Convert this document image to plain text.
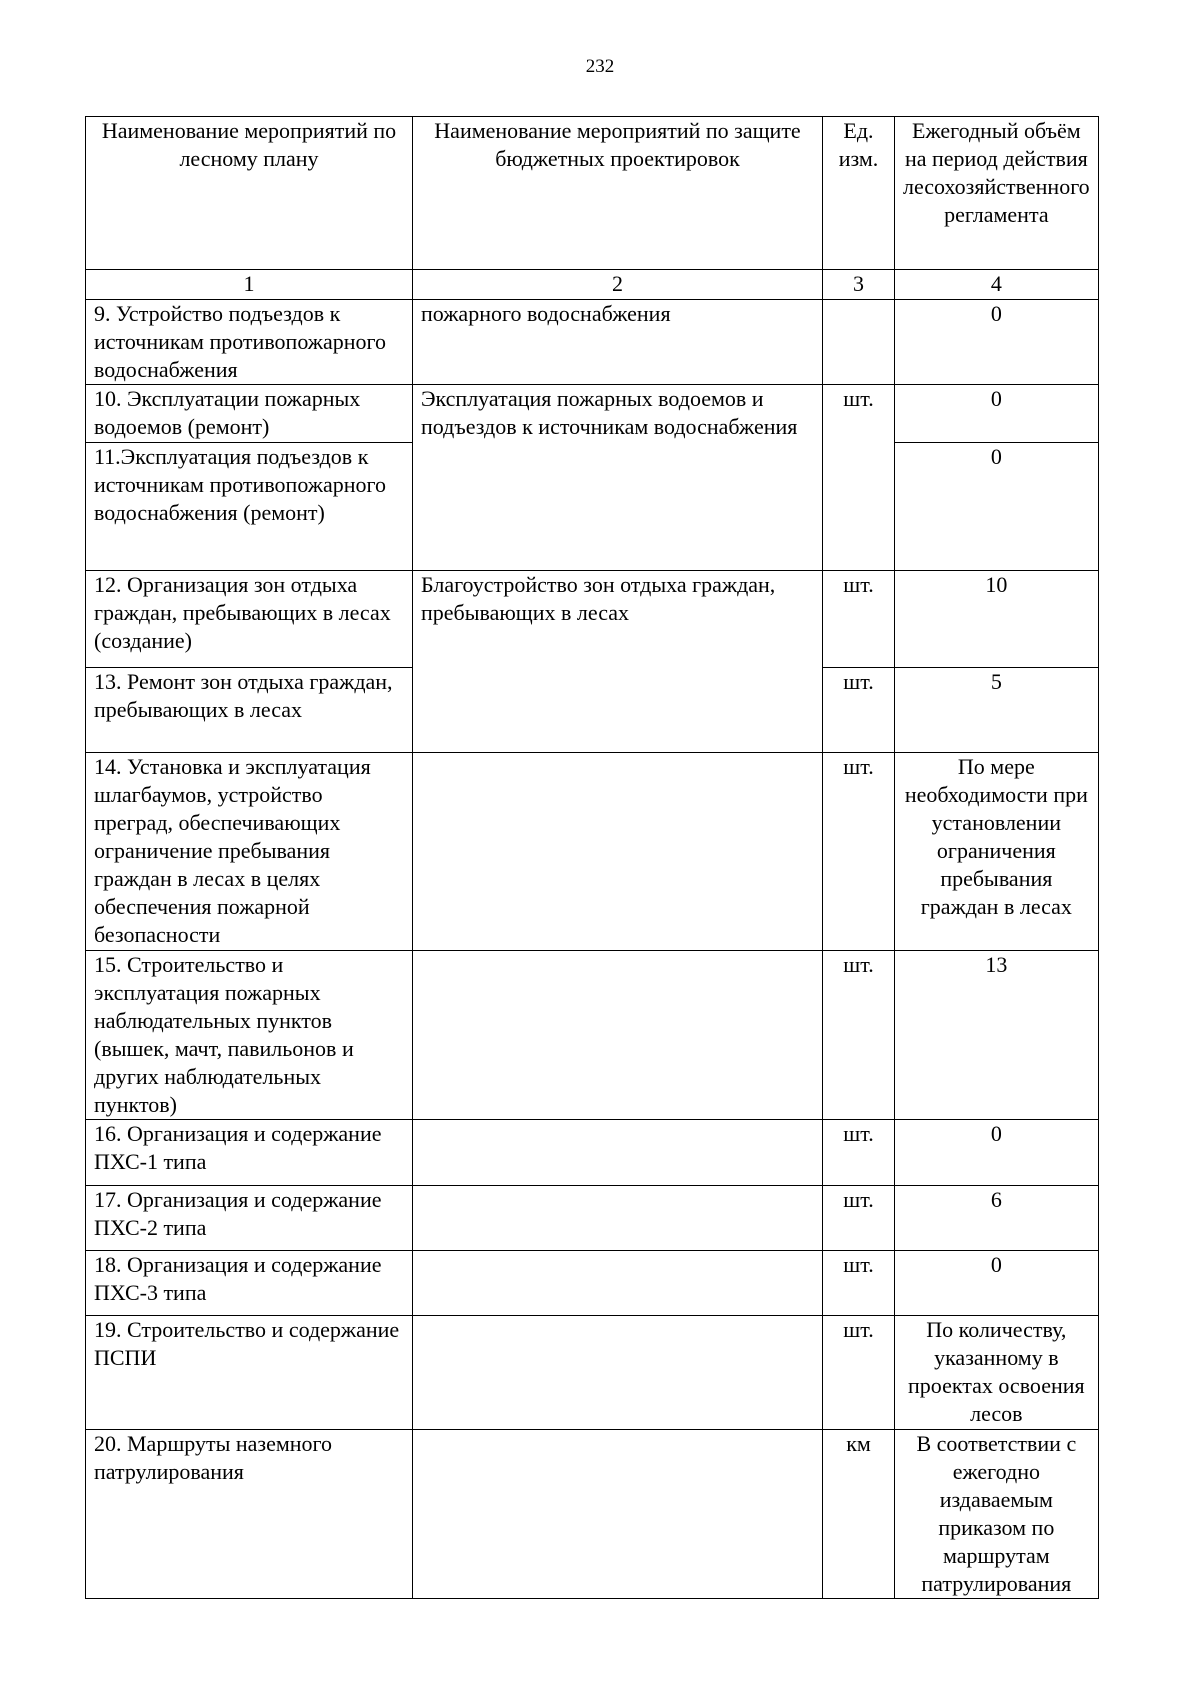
232
Наименование мероприятий по лесному плану	Наименование мероприятий по защите бюджетных проектировок	Ед. изм.	Ежегодный объём на период действия лесохозяйственного регламента
1	2	3	4
9. Устройство подъездов к источникам противопожарного водоснабжения	пожарного водоснабжения		0
10. Эксплуатации пожарных водоемов (ремонт)	Эксплуатация пожарных водоемов и подъездов к источникам водоснабжения	шт.	0
11.Эксплуатация подъездов к источникам противопожарного водоснабжения (ремонт)			0
12. Организация зон отдыха граждан, пребывающих в лесах (создание)	Благоустройство зон отдыха граждан, пребывающих в лесах	шт.	10
13. Ремонт зон отдыха граждан, пребывающих в лесах		шт.	5
14. Установка и эксплуатация шлагбаумов, устройство преград, обеспечивающих ограничение пребывания граждан в лесах в целях обеспечения пожарной безопасности		шт.	По мере необходимости при установлении ограничения пребывания граждан в лесах
15. Строительство и эксплуатация пожарных наблюдательных пунктов (вышек, мачт, павильонов и других наблюдательных пунктов)		шт.	13
16. Организация и содержание ПХС-1 типа		шт.	0
17. Организация и содержание ПХС-2 типа		шт.	6
18. Организация и содержание ПХС-3 типа		шт.	0
19. Строительство и содержание ПСПИ		шт.	По количеству, указанному в проектах освоения лесов
20. Маршруты наземного патрулирования		км	В соответствии с ежегодно издаваемым приказом по маршрутам патрулирования
